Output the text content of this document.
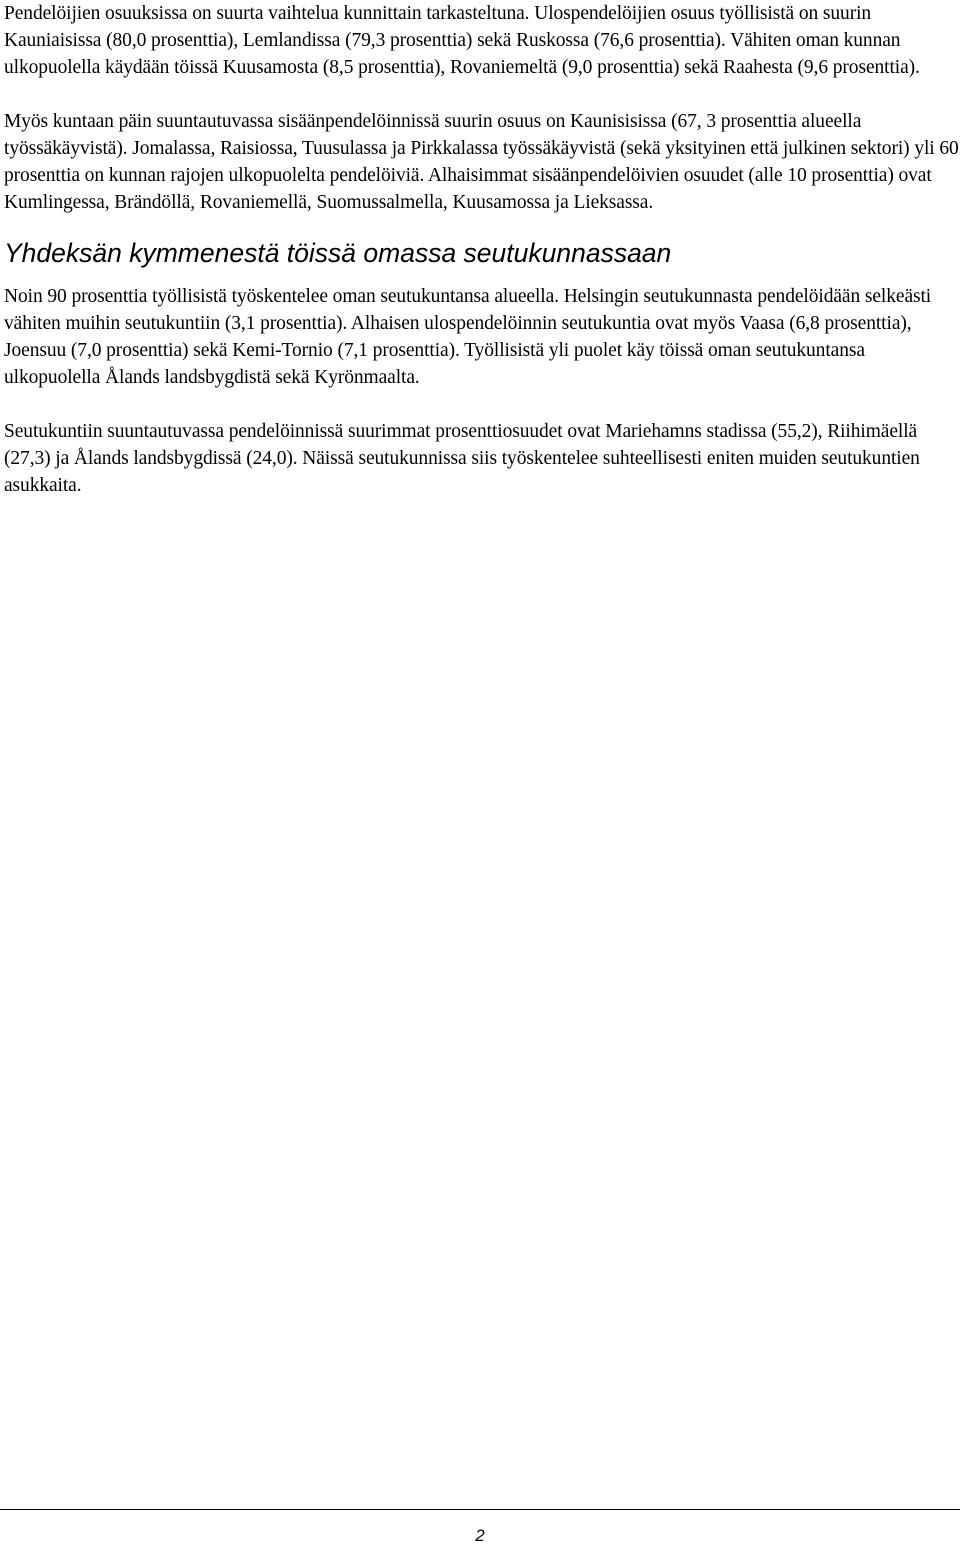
Pendelöijien osuuksissa on suurta vaihtelua kunnittain tarkasteltuna. Ulospendelöijien osuus työllisistä on suurin Kauniaisissa (80,0 prosenttia), Lemlandissa (79,3 prosenttia) sekä Ruskossa (76,6 prosenttia). Vähiten oman kunnan ulkopuolella käydään töissä Kuusamosta (8,5 prosenttia), Rovaniemeltä (9,0 prosenttia) sekä Raahesta (9,6 prosenttia).

Myös kuntaan päin suuntautuvassa sisäänpendelöinnissä suurin osuus on Kaunisisissa (67, 3 prosenttia alueella työssäkäyvistä). Jomalassa, Raisiossa, Tuusulassa ja Pirkkalassa työssäkäyvistä (sekä yksityinen että julkinen sektori) yli 60 prosenttia on kunnan rajojen ulkopuolelta pendelöiviä. Alhaisimmat sisäänpendelöivien osuudet (alle 10 prosenttia) ovat Kumlingessa, Brändöllä, Rovaniemellä, Suomussalmella, Kuusamossa ja Lieksassa.

Yhdeksän kymmenestä töissä omassa seutukunnassaan

Noin 90 prosenttia työllisistä työskentelee oman seutukuntansa alueella. Helsingin seutukunnasta pendelöidään selkeästi vähiten muihin seutukuntiin (3,1 prosenttia). Alhaisen ulospendelöinnin seutukuntia ovat myös Vaasa (6,8 prosenttia), Joensuu (7,0 prosenttia) sekä Kemi-Tornio (7,1 prosenttia). Työllisistä yli puolet käy töissä oman seutukuntansa ulkopuolella Ålands landsbygdistä sekä Kyrönmaalta.

Seutukuntiin suuntautuvassa pendelöinnissä suurimmat prosenttiosuudet ovat Mariehamns stadissa (55,2), Riihimäellä (27,3) ja Ålands landsbygdissä (24,0). Näissä seutukunnissa siis työskentelee suhteellisesti eniten muiden seutukuntien asukkaita.

2
